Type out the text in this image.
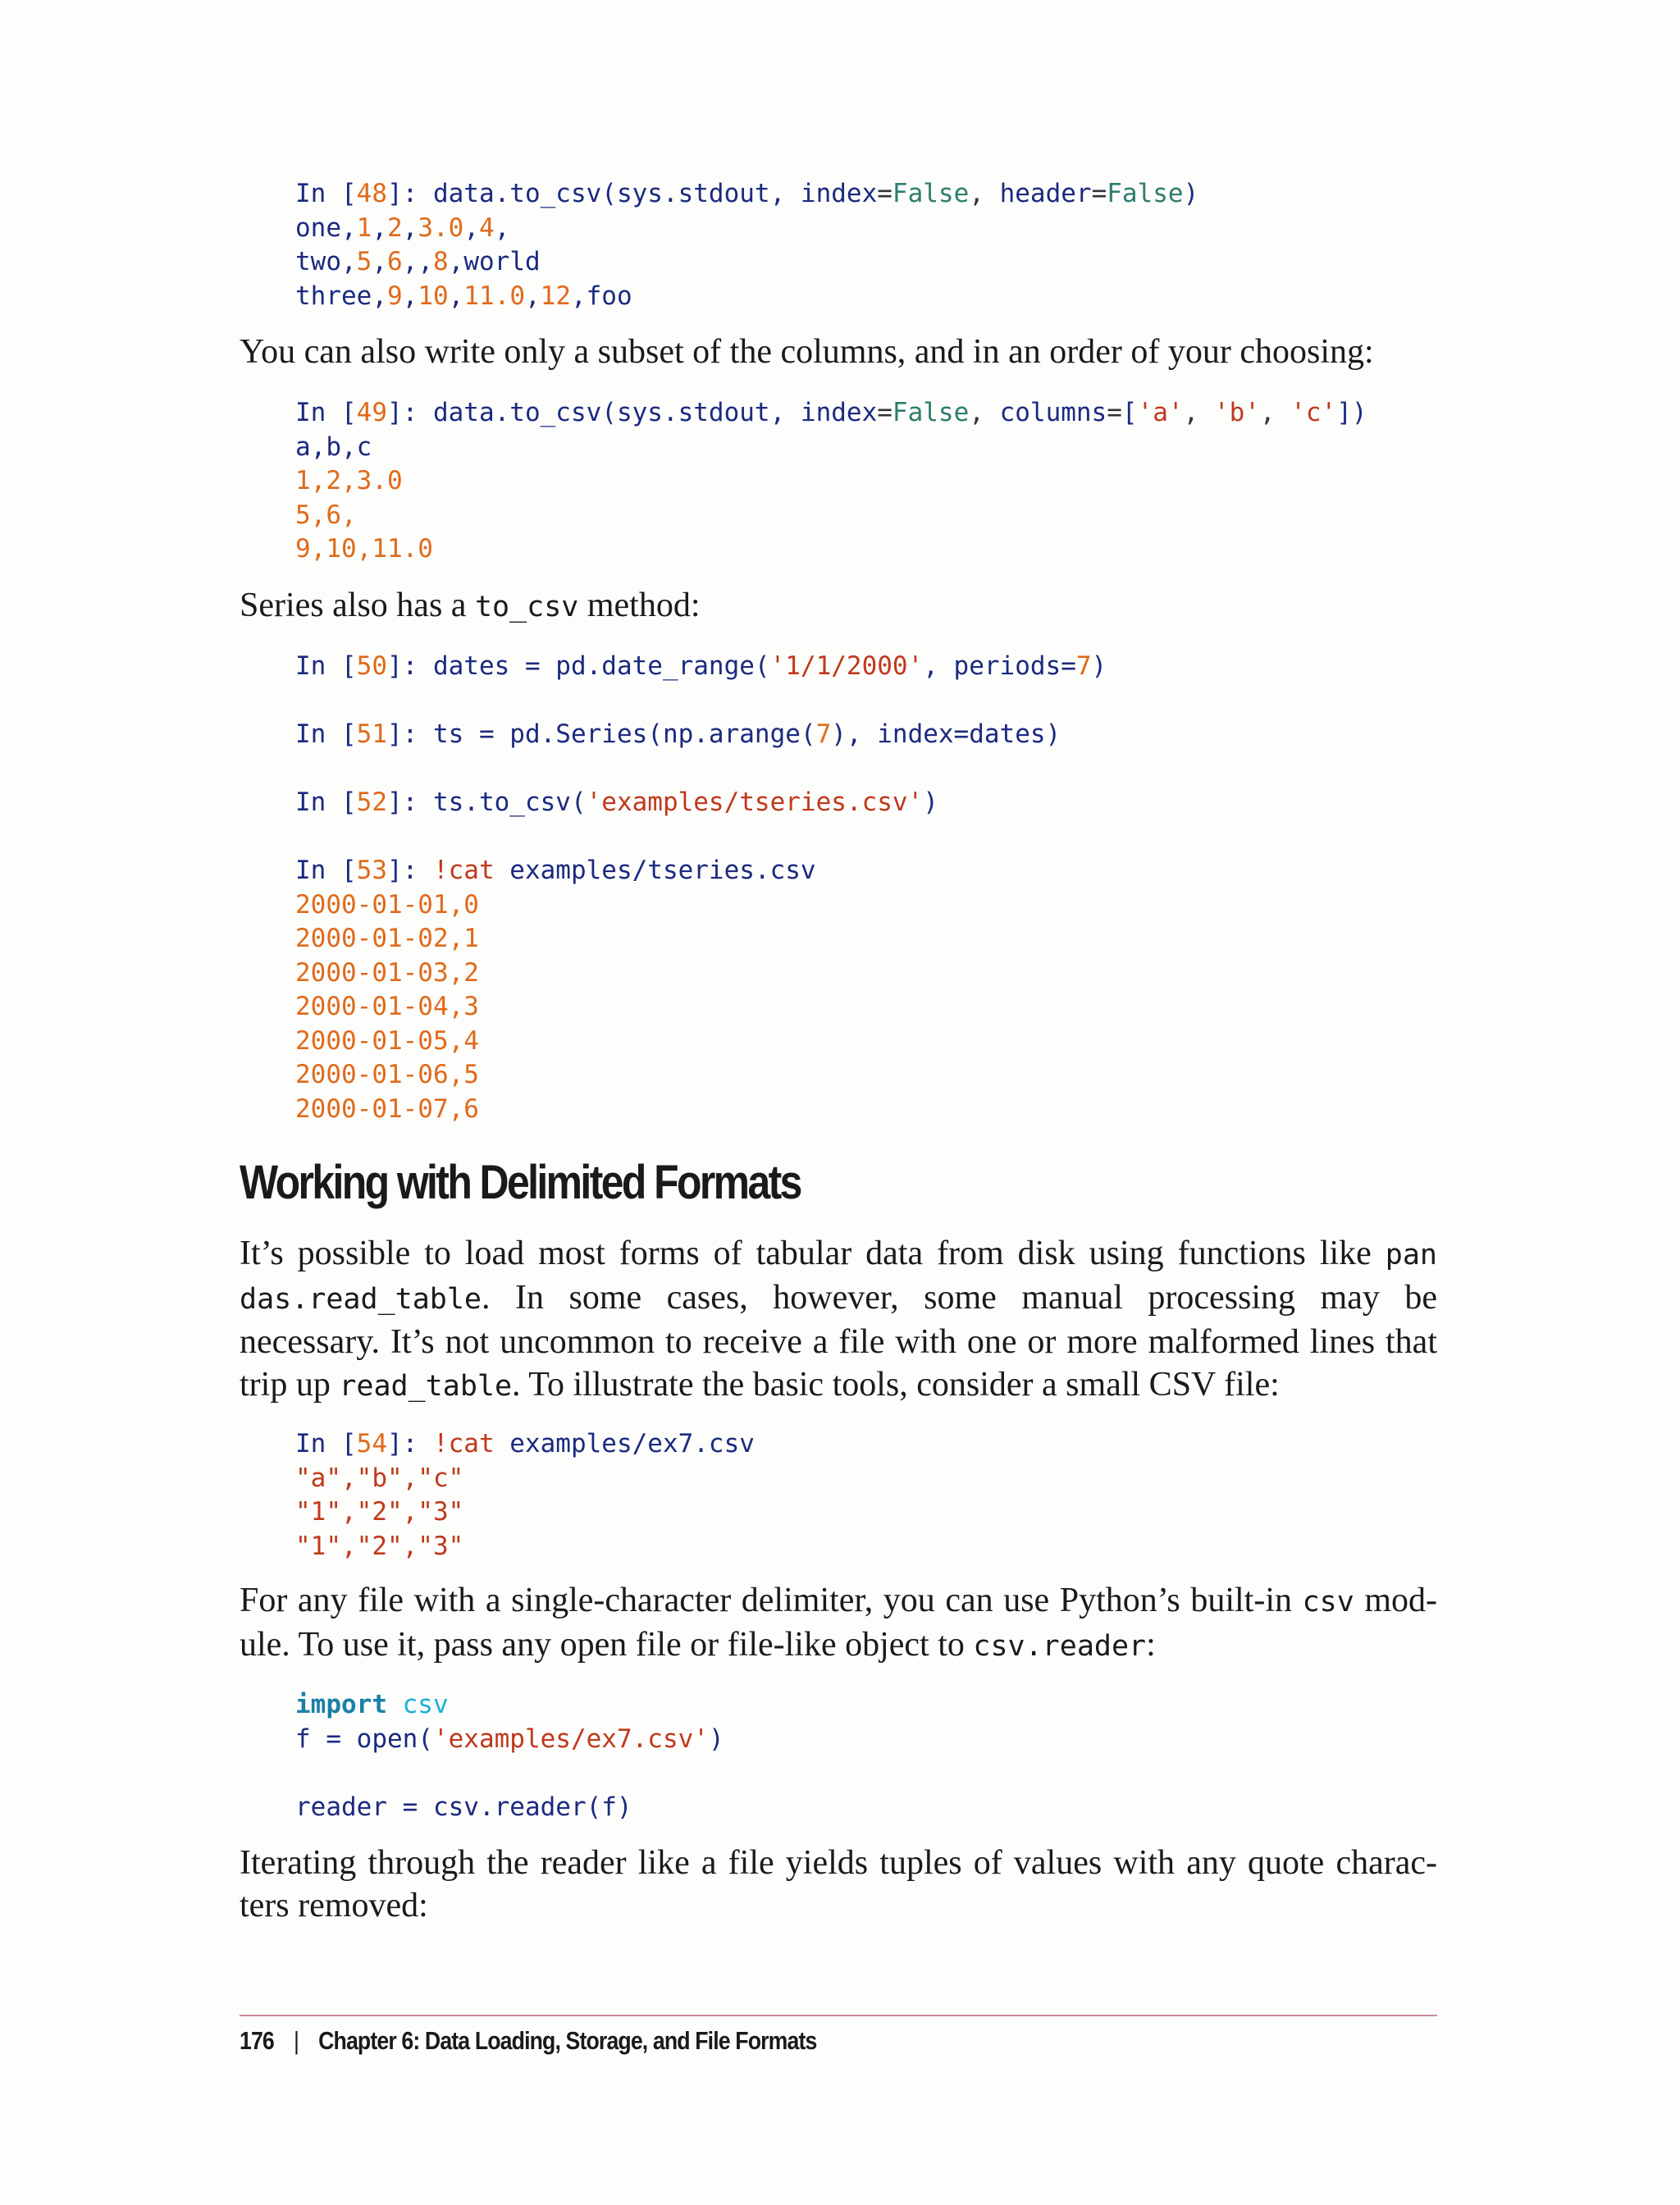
In [48]: data.to_csv(sys.stdout, index=False, header=False)
one,1,2,3.0,4,
two,5,6,,8,world
three,9,10,11.0,12,foo

You can also write only a subset of the columns, and in an order of your choosing:

In [49]: data.to_csv(sys.stdout, index=False, columns=['a', 'b', 'c'])
a,b,c
1,2,3.0
5,6,
9,10,11.0

Series also has a to_csv method:

In [50]: dates = pd.date_range('1/1/2000', periods=7)

In [51]: ts = pd.Series(np.arange(7), index=dates)

In [52]: ts.to_csv('examples/tseries.csv')

In [53]: !cat examples/tseries.csv
2000-01-01,0
2000-01-02,1
2000-01-03,2
2000-01-04,3
2000-01-05,4
2000-01-06,5
2000-01-07,6
Working with Delimited Formats

It’s possible to load most forms of tabular data from disk using functions like pan das.read_table. In some cases, however, some manual processing may be necessary. It’s not uncommon to receive a file with one or more malformed lines that trip up read_table. To illustrate the basic tools, consider a small CSV file:

In [54]: !cat examples/ex7.csv
"a","b","c"
"1","2","3"
"1","2","3"

For any file with a single-character delimiter, you can use Python’s built-in csv mod- ule. To use it, pass any open file or file-like object to csv.reader:

import csv
f = open('examples/ex7.csv')

reader = csv.reader(f)

Iterating through the reader like a file yields tuples of values with any quote charac- ters removed:

176 | Chapter 6: Data Loading, Storage, and File Formats
